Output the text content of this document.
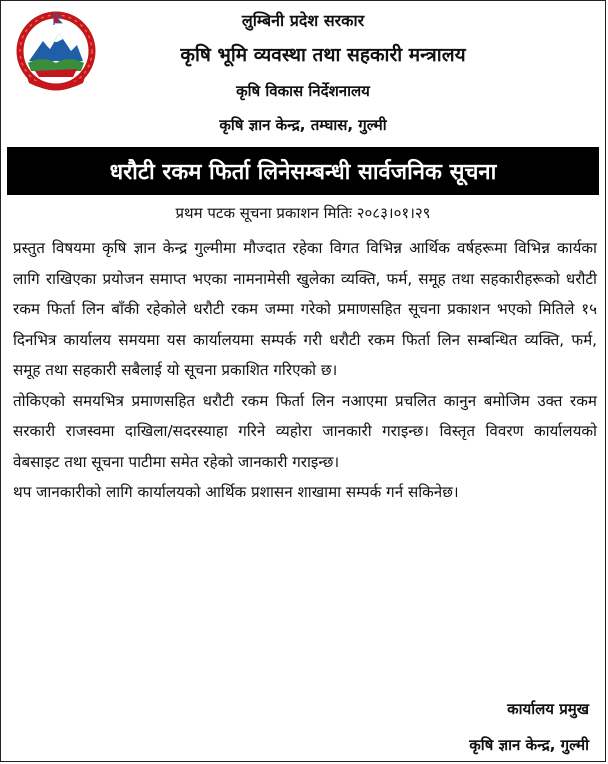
लुम्बिनी प्रदेश सरकार
कृषि भूमि व्यवस्था तथा सहकारी मन्त्रालय
कृषि विकास निर्देशनालय
कृषि ज्ञान केन्द्र, तम्घास, गुल्मी
धरौटी रकम फिर्ता लिनेसम्बन्धी सार्वजनिक सूचना
प्रथम पटक सूचना प्रकाशन मितिः २०८३।०१।२९

प्रस्तुत विषयमा कृषि ज्ञान केन्द्र गुल्मीमा मौज्दात रहेका विगत विभिन्न आर्थिक वर्षहरूमा विभिन्न कार्यका लागि राखिएका प्रयोजन समाप्त भएका नामनामेसी खुलेका व्यक्ति, फर्म, समूह तथा सहकारीहरूको धरौटी रकम फिर्ता लिन बाँकी रहेकोले धरौटी रकम जम्मा गरेको प्रमाणसहित सूचना प्रकाशन भएको मितिले १५ दिनभित्र कार्यालय समयमा यस कार्यालयमा सम्पर्क गरी धरौटी रकम फिर्ता लिन सम्बन्धित व्यक्ति, फर्म, समूह तथा सहकारी सबैलाई यो सूचना प्रकाशित गरिएको छ।

तोकिएको समयभित्र प्रमाणसहित धरौटी रकम फिर्ता लिन नआएमा प्रचलित कानुन बमोजिम उक्त रकम सरकारी राजस्वमा दाखिला/सदरस्याहा गरिने व्यहोरा जानकारी गराइन्छ। विस्तृत विवरण कार्यालयको वेबसाइट तथा सूचना पाटीमा समेत रहेको जानकारी गराइन्छ।

थप जानकारीको लागि कार्यालयको आर्थिक प्रशासन शाखामा सम्पर्क गर्न सकिनेछ।

कार्यालय प्रमुख
कृषि ज्ञान केन्द्र, गुल्मी
